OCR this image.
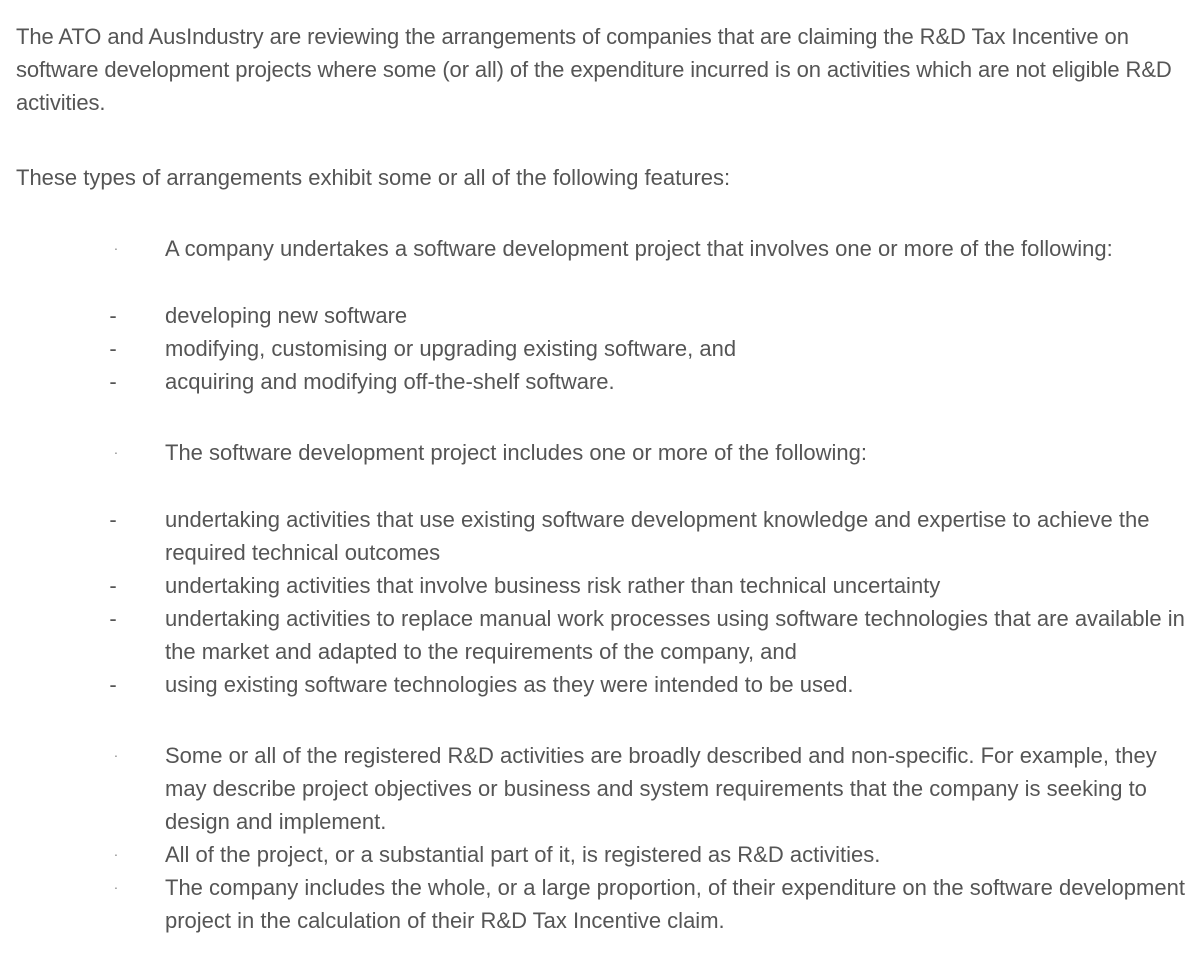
The ATO and AusIndustry are reviewing the arrangements of companies that are claiming the R&D Tax Incentive on software development projects where some (or all) of the expenditure incurred is on activities which are not eligible R&D activities.

These types of arrangements exhibit some or all of the following features:

· A company undertakes a software development project that involves one or more of the following:
- developing new software
- modifying, customising or upgrading existing software, and
- acquiring and modifying off-the-shelf software.
· The software development project includes one or more of the following:
- undertaking activities that use existing software development knowledge and expertise to achieve the required technical outcomes
- undertaking activities that involve business risk rather than technical uncertainty
- undertaking activities to replace manual work processes using software technologies that are available in the market and adapted to the requirements of the company, and
- using existing software technologies as they were intended to be used.
· Some or all of the registered R&D activities are broadly described and non-specific. For example, they may describe project objectives or business and system requirements that the company is seeking to design and implement.
· All of the project, or a substantial part of it, is registered as R&D activities.
· The company includes the whole, or a large proportion, of their expenditure on the software development project in the calculation of their R&D Tax Incentive claim.
